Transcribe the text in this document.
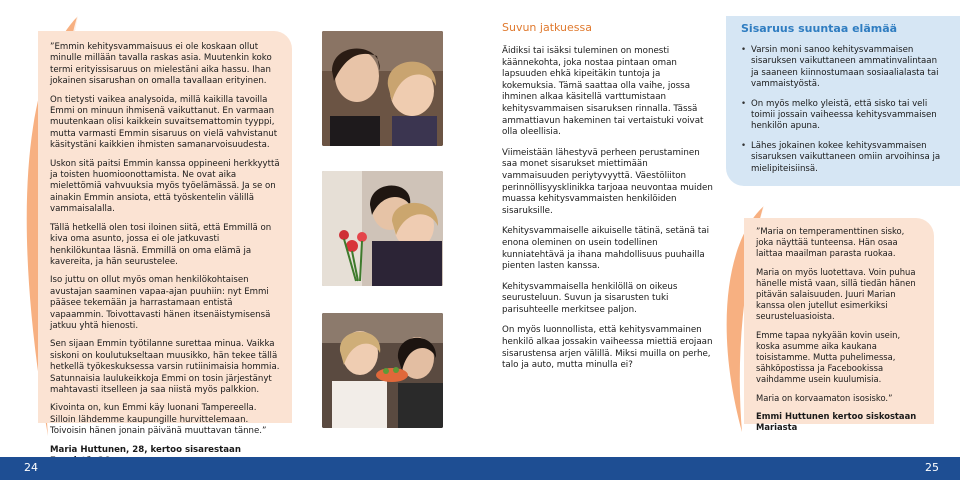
”Emmin kehitysvammaisuus ei ole koskaan ollut minulle millään tavalla raskas asia. Muutenkin koko termi erityissisaruus on mielestäni aika hassu. Ihan jokainen sisarushan on omalla tavallaan erityinen.

On tietysti vaikea analysoida, millä kaikilla tavoilla Emmi on minuun ihmisenä vaikuttanut. En varmaan muutenkaan olisi kaikkein suvaitsemattomin tyyppi, mutta varmasti Emmin sisaruus on vielä vahvistanut käsitystäni kaikkien ihmisten samanarvoisuudesta.

Uskon sitä paitsi Emmin kanssa oppineeni herkkyyttä ja toisten huomioonottamista. Ne ovat aika mielettömiä vahvuuksia myös työelämässä. Ja se on ainakin Emmin ansiota, että työskentelin välillä vammaisalalla.

Tällä hetkellä olen tosi iloinen siitä, että Emmillä on kiva oma asunto, jossa ei ole jatkuvasti henkilökuntaa läsnä. Emmillä on oma elämä ja kavereita, ja hän seurustelee.

Iso juttu on ollut myös oman henkilökohtaisen avustajan saaminen vapaa-ajan puuhiin: nyt Emmi pääsee tekemään ja harrastamaan entistä vapaammin. Toivottavasti hänen itsenäistymisensä jatkuu yhtä hienosti.

Sen sijaan Emmin työtilanne surettaa minua. Vaikka siskoni on koulutukseltaan muusikko, hän tekee tällä hetkellä työkeskuksessa varsin rutiinimaisia hommia. Satunnaisia laulukeikkoja Emmi on tosin järjestänyt mahtavasti itselleen ja saa niistä myös palkkion.

Kivointa on, kun Emmi käy luonani Tampereella. Silloin lähdemme kaupungille hurvittelemaan. Toivoisin hänen jonain päivänä muuttavan tänne.”

Maria Huttunen, 28, kertoo sisarestaan

Suvun jatkuessa

Äidiksi tai isäksi tuleminen on monesti käännekohta, joka nostaa pintaan oman lapsuuden ehkä kipeitäkin tuntoja ja kokemuksia. Tämä saattaa olla vaihe, jossa ihminen alkaa käsitellä varttumistaan kehitysvammaisen sisaruksen rinnalla. Tässä ammattiavun hakeminen tai vertaistuki voivat olla oleellisia.

Viimeistään lähestyvä perheen perustaminen saa monet sisarukset miettimään vammaisuuden periytyvyyttä. Väestöliiton perinnöllisyysklinikka tarjoaa neuvontaa muiden muassa kehitysvammaisten henkilöiden sisaruksille.

Kehitysvammaiselle aikuiselle tätinä, setänä tai enona oleminen on usein todellinen kunniatehtävä ja ihana mahdollisuus puuhailla pienten lasten kanssa.

Kehitysvammaisella henkilöllä on oikeus seurusteluun. Suvun ja sisarusten tuki parisuhteelle merkitsee paljon.

On myös luonnollista, että kehitysvammainen henkilö alkaa jossakin vaiheessa miettiä erojaan sisarustensa arjen välillä. Miksi muilla on perhe, talo ja auto, mutta minulla ei?

Sisaruus suuntaa elämää
• Varsin moni sanoo kehitysvammaisen sisaruksen vaikuttaneen ammatinvalintaan ja saaneen kiinnostumaan sosiaalialasta tai vammaistyöstä.
• On myös melko yleistä, että sisko tai veli toimii jossain vaiheessa kehitysvammaisen henkilön apuna.
• Lähes jokainen kokee kehitysvammaisen sisaruksen vaikuttaneen omiin arvoihinsa ja mielipiteisiinsä.

”Maria on temperamenttinen sisko, joka näyttää tunteensa. Hän osaa laittaa maailman parasta ruokaa.

Maria on myös luotettava. Voin puhua hänelle mistä vaan, sillä tiedän hänen pitävän salaisuuden. Juuri Marian kanssa olen jutellut esimerkiksi seurusteluasioista.

Emme tapaa nykyään kovin usein, koska asumme aika kaukana toisistamme. Mutta puhelimessa, sähköpostissa ja Facebookissa vaihdamme usein kuulumisia.

Maria on korvaamaton isosisko.”

Emmi Huttunen kertoo siskostaan Mariasta

24	25
